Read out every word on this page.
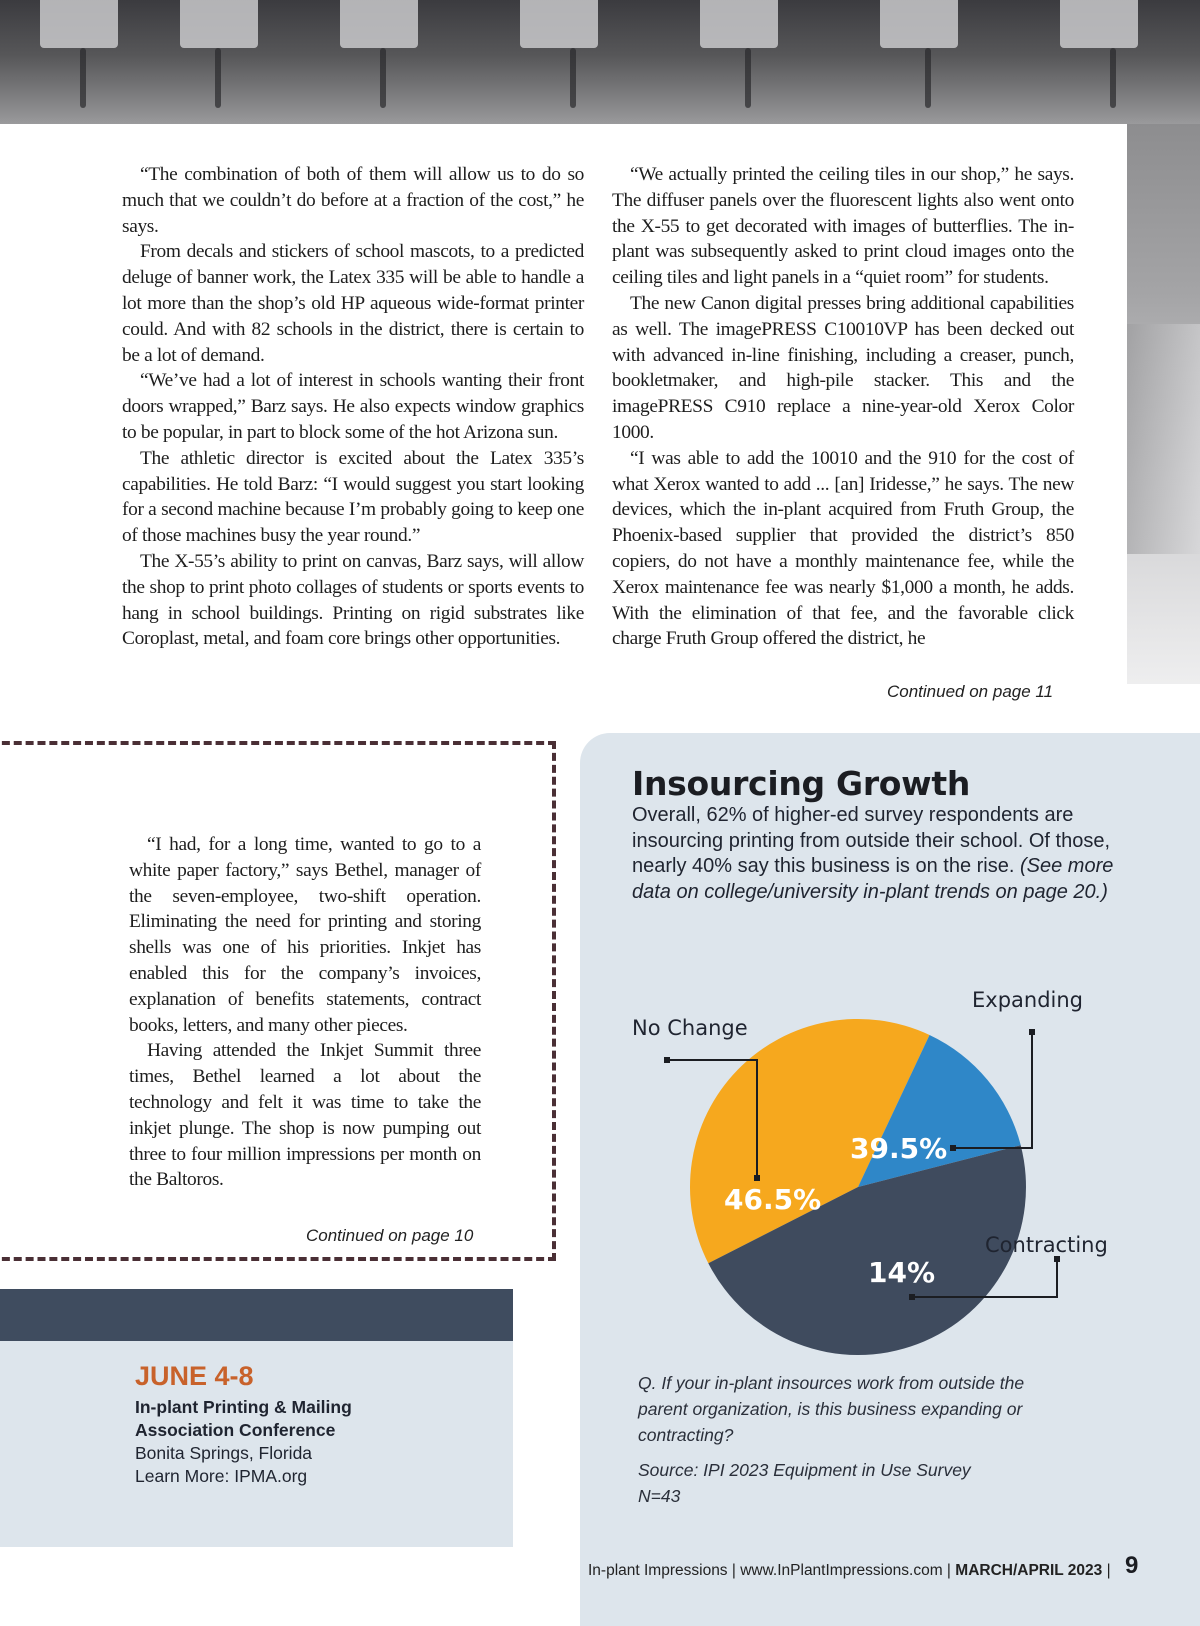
“The combination of both of them will allow us to do so much that we couldn’t do before at a fraction of the cost,” he says.

From decals and stickers of school mascots, to a predicted deluge of banner work, the Latex 335 will be able to handle a lot more than the shop’s old HP aqueous wide-format printer could. And with 82 schools in the district, there is certain to be a lot of demand.

“We’ve had a lot of interest in schools wanting their front doors wrapped,” Barz says. He also expects window graphics to be popular, in part to block some of the hot Arizona sun.

The athletic director is excited about the Latex 335’s capabilities. He told Barz: “I would suggest you start looking for a second machine because I’m probably going to keep one of those machines busy the year round.”

The X-55’s ability to print on canvas, Barz says, will allow the shop to print photo collages of students or sports events to hang in school buildings. Printing on rigid substrates like Coroplast, metal, and foam core brings other opportunities.

“We actually printed the ceiling tiles in our shop,” he says. The diffuser panels over the fluorescent lights also went onto the X-55 to get decorated with images of butterflies. The in-plant was subsequently asked to print cloud images onto the ceiling tiles and light panels in a “quiet room” for students.

The new Canon digital presses bring additional capabilities as well. The imagePRESS C10010VP has been decked out with advanced in-line finishing, including a creaser, punch, bookletmaker, and high-pile stacker. This and the imagePRESS C910 replace a nine-year-old Xerox Color 1000.

“I was able to add the 10010 and the 910 for the cost of what Xerox wanted to add ... [an] Iridesse,” he says. The new devices, which the in-plant acquired from Fruth Group, the Phoenix-based supplier that provided the district’s 850 copiers, do not have a monthly maintenance fee, while the Xerox maintenance fee was nearly $1,000 a month, he adds. With the elimination of that fee, and the favorable click charge Fruth Group offered the district, he

Continued on page 11

“I had, for a long time, wanted to go to a white paper factory,” says Bethel, manager of the seven-employee, two-shift operation. Eliminating the need for printing and storing shells was one of his priorities. Inkjet has enabled this for the company’s invoices, explanation of benefits statements, contract books, letters, and many other pieces.

Having attended the Inkjet Summit three times, Bethel learned a lot about the technology and felt it was time to take the inkjet plunge. The shop is now pumping out three to four million impressions per month on the Baltoros.

Continued on page 10
JUNE 4-8
In-plant Printing & Mailing
Association Conference
Bonita Springs, Florida
Learn More: IPMA.org
Insourcing Growth
Overall, 62% of higher-ed survey respondents are insourcing printing from outside their school. Of those, nearly 40% say this business is on the rise. (See more data on college/university in-plant trends on page 20.)
Expanding
Contracting
No Change
39.5%
14%
46.5%
Q. If your in-plant insources work from outside the parent organization, is this business expanding or contracting?
Source: IPI 2023 Equipment in Use Survey
N=43
In-plant Impressions | www.InPlantImpressions.com | MARCH/APRIL 2023 | 9
